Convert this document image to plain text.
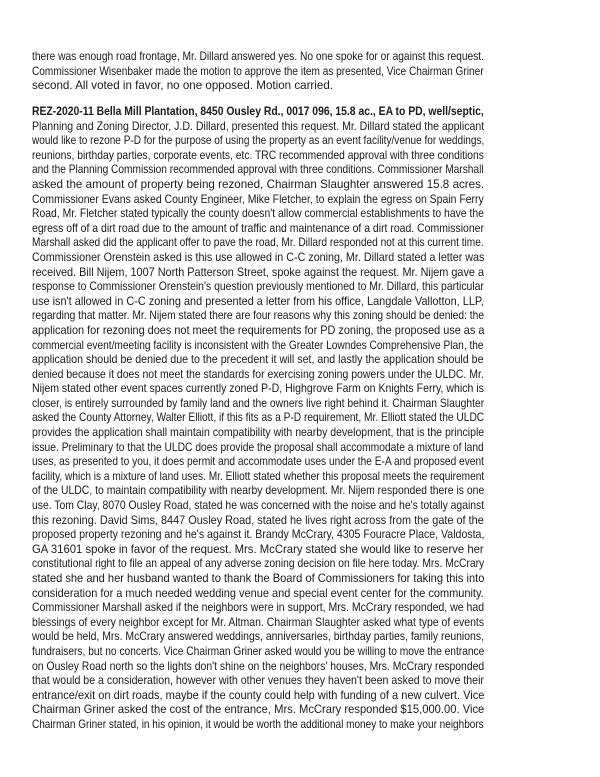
there was enough road frontage, Mr. Dillard answered yes. No one spoke for or against this request.
Commissioner Wisenbaker made the motion to approve the item as presented, Vice Chairman Griner
second. All voted in favor, no one opposed. Motion carried.
REZ-2020-11 Bella Mill Plantation, 8450 Ousley Rd., 0017 096, 15.8 ac., EA to PD, well/septic,
Planning and Zoning Director, J.D. Dillard, presented this request. Mr. Dillard stated the applicant
would like to rezone P-D for the purpose of using the property as an event facility/venue for weddings,
reunions, birthday parties, corporate events, etc. TRC recommended approval with three conditions
and the Planning Commission recommended approval with three conditions. Commissioner Marshall
asked the amount of property being rezoned, Chairman Slaughter answered 15.8 acres.
Commissioner Evans asked County Engineer, Mike Fletcher, to explain the egress on Spain Ferry
Road, Mr. Fletcher stated typically the county doesn't allow commercial establishments to have the
egress off of a dirt road due to the amount of traffic and maintenance of a dirt road. Commissioner
Marshall asked did the applicant offer to pave the road, Mr. Dillard responded not at this current time.
Commissioner Orenstein asked is this use allowed in C-C zoning, Mr. Dillard stated a letter was
received. Bill Nijem, 1007 North Patterson Street, spoke against the request. Mr. Nijem gave a
response to Commissioner Orenstein's question previously mentioned to Mr. Dillard, this particular
use isn't allowed in C-C zoning and presented a letter from his office, Langdale Vallotton, LLP,
regarding that matter. Mr. Nijem stated there are four reasons why this zoning should be denied: the
application for rezoning does not meet the requirements for PD zoning, the proposed use as a
commercial event/meeting facility is inconsistent with the Greater Lowndes Comprehensive Plan, the
application should be denied due to the precedent it will set, and lastly the application should be
denied because it does not meet the standards for exercising zoning powers under the ULDC. Mr.
Nijem stated other event spaces currently zoned P-D, Highgrove Farm on Knights Ferry, which is
closer, is entirely surrounded by family land and the owners live right behind it. Chairman Slaughter
asked the County Attorney, Walter Elliott, if this fits as a P-D requirement, Mr. Elliott stated the ULDC
provides the application shall maintain compatibility with nearby development, that is the principle
issue. Preliminary to that the ULDC does provide the proposal shall accommodate a mixture of land
uses, as presented to you, it does permit and accommodate uses under the E-A and proposed event
facility, which is a mixture of land uses. Mr. Elliott stated whether this proposal meets the requirement
of the ULDC, to maintain compatibility with nearby development. Mr. Nijem responded there is one
use. Tom Clay, 8070 Ousley Road, stated he was concerned with the noise and he's totally against
this rezoning. David Sims, 8447 Ousley Road, stated he lives right across from the gate of the
proposed property rezoning and he's against it. Brandy McCrary, 4305 Fouracre Place, Valdosta,
GA 31601 spoke in favor of the request. Mrs. McCrary stated she would like to reserve her
constitutional right to file an appeal of any adverse zoning decision on file here today. Mrs. McCrary
stated she and her husband wanted to thank the Board of Commissioners for taking this into
consideration for a much needed wedding venue and special event center for the community.
Commissioner Marshall asked if the neighbors were in support, Mrs. McCrary responded, we had
blessings of every neighbor except for Mr. Altman. Chairman Slaughter asked what type of events
would be held, Mrs. McCrary answered weddings, anniversaries, birthday parties, family reunions,
fundraisers, but no concerts. Vice Chairman Griner asked would you be willing to move the entrance
on Ousley Road north so the lights don't shine on the neighbors' houses, Mrs. McCrary responded
that would be a consideration, however with other venues they haven't been asked to move their
entrance/exit on dirt roads, maybe if the county could help with funding of a new culvert. Vice
Chairman Griner asked the cost of the entrance, Mrs. McCrary responded $15,000.00. Vice
Chairman Griner stated, in his opinion, it would be worth the additional money to make your neighbors
